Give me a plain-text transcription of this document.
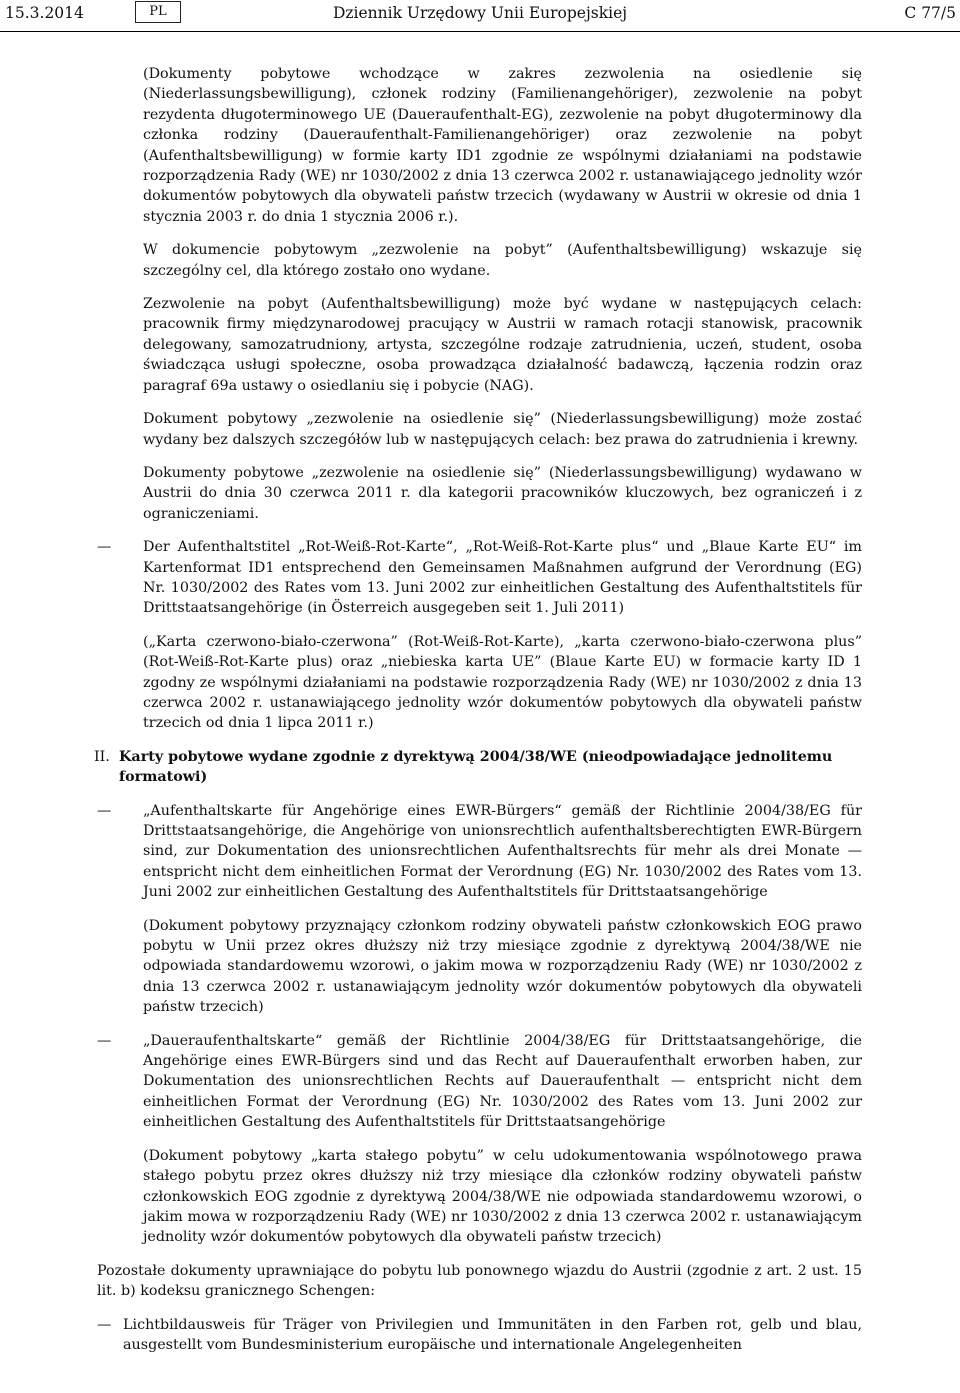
15.3.2014	PL	Dziennik Urzędowy Unii Europejskiej	C 77/5

(Dokumenty pobytowe wchodzące w zakres zezwolenia na osiedlenie się (Niederlassungsbewilligung), członek rodziny (Familienangehöriger), zezwolenie na pobyt rezydenta długoterminowego UE (Daueraufenthalt-EG), zezwolenie na pobyt długoterminowy dla członka rodziny (Daueraufenthalt-Familienangehöriger) oraz zezwolenie na pobyt (Aufenthaltsbewilligung) w formie karty ID1 zgodnie ze wspólnymi działaniami na podstawie rozporządzenia Rady (WE) nr 1030/2002 z dnia 13 czerwca 2002 r. ustanawiającego jednolity wzór dokumentów pobytowych dla obywateli państw trzecich (wydawany w Austrii w okresie od dnia 1 stycznia 2003 r. do dnia 1 stycznia 2006 r.).

W dokumencie pobytowym „zezwolenie na pobyt” (Aufenthaltsbewilligung) wskazuje się szczególny cel, dla którego zostało ono wydane.

Zezwolenie na pobyt (Aufenthaltsbewilligung) może być wydane w następujących celach: pracownik firmy międzynarodowej pracujący w Austrii w ramach rotacji stanowisk, pracownik delegowany, samozatrudniony, artysta, szczególne rodzaje zatrudnienia, uczeń, student, osoba świadcząca usługi społeczne, osoba prowadząca działalność badawczą, łączenia rodzin oraz paragraf 69a ustawy o osiedlaniu się i pobycie (NAG).

Dokument pobytowy „zezwolenie na osiedlenie się” (Niederlassungsbewilligung) może zostać wydany bez dalszych szczegółów lub w następujących celach: bez prawa do zatrudnienia i krewny.

Dokumenty pobytowe „zezwolenie na osiedlenie się” (Niederlassungsbewilligung) wydawano w Austrii do dnia 30 czerwca 2011 r. dla kategorii pracowników kluczowych, bez ograniczeń i z ograniczeniami.

— Der Aufenthaltstitel „Rot-Weiß-Rot-Karte“, „Rot-Weiß-Rot-Karte plus“ und „Blaue Karte EU“ im Kartenformat ID1 entsprechend den Gemeinsamen Maßnahmen aufgrund der Verordnung (EG) Nr. 1030/2002 des Rates vom 13. Juni 2002 zur einheitlichen Gestaltung des Aufenthaltstitels für Drittstaatsangehörige (in Österreich ausgegeben seit 1. Juli 2011)

(„Karta czerwono-biało-czerwona” (Rot-Weiß-Rot-Karte), „karta czerwono-biało-czerwona plus” (Rot-Weiß-Rot-Karte plus) oraz „niebieska karta UE” (Blaue Karte EU) w formacie karty ID 1 zgodny ze wspólnymi działaniami na podstawie rozporządzenia Rady (WE) nr 1030/2002 z dnia 13 czerwca 2002 r. ustanawiającego jednolity wzór dokumentów pobytowych dla obywateli państw trzecich od dnia 1 lipca 2011 r.)

II. Karty pobytowe wydane zgodnie z dyrektywą 2004/38/WE (nieodpowiadające jednolitemu formatowi)

— „Aufenthaltskarte für Angehörige eines EWR-Bürgers“ gemäß der Richtlinie 2004/38/EG für Drittstaatsangehörige, die Angehörige von unionsrechtlich aufenthaltsberechtigten EWR-Bürgern sind, zur Dokumentation des unionsrechtlichen Aufenthaltsrechts für mehr als drei Monate — entspricht nicht dem einheitlichen Format der Verordnung (EG) Nr. 1030/2002 des Rates vom 13. Juni 2002 zur einheitlichen Gestaltung des Aufenthaltstitels für Drittstaatsangehörige

(Dokument pobytowy przyznający członkom rodziny obywateli państw członkowskich EOG prawo pobytu w Unii przez okres dłuższy niż trzy miesiące zgodnie z dyrektywą 2004/38/WE nie odpowiada standardowemu wzorowi, o jakim mowa w rozporządzeniu Rady (WE) nr 1030/2002 z dnia 13 czerwca 2002 r. ustanawiającym jednolity wzór dokumentów pobytowych dla obywateli państw trzecich)

— „Daueraufenthaltskarte“ gemäß der Richtlinie 2004/38/EG für Drittstaatsangehörige, die Angehörige eines EWR-Bürgers sind und das Recht auf Daueraufenthalt erworben haben, zur Dokumentation des unionsrechtlichen Rechts auf Daueraufenthalt — entspricht nicht dem einheitlichen Format der Verordnung (EG) Nr. 1030/2002 des Rates vom 13. Juni 2002 zur einheitlichen Gestaltung des Aufenthaltstitels für Drittstaatsangehörige

(Dokument pobytowy „karta stałego pobytu” w celu udokumentowania wspólnotowego prawa stałego pobytu przez okres dłuższy niż trzy miesiące dla członków rodziny obywateli państw członkowskich EOG zgodnie z dyrektywą 2004/38/WE nie odpowiada standardowemu wzorowi, o jakim mowa w rozporządzeniu Rady (WE) nr 1030/2002 z dnia 13 czerwca 2002 r. ustanawiającym jednolity wzór dokumentów pobytowych dla obywateli państw trzecich)

Pozostałe dokumenty uprawniające do pobytu lub ponownego wjazdu do Austrii (zgodnie z art. 2 ust. 15 lit. b) kodeksu granicznego Schengen:

— Lichtbildausweis für Träger von Privilegien und Immunitäten in den Farben rot, gelb und blau, ausgestellt vom Bundesministerium europäische und internationale Angelegenheiten
